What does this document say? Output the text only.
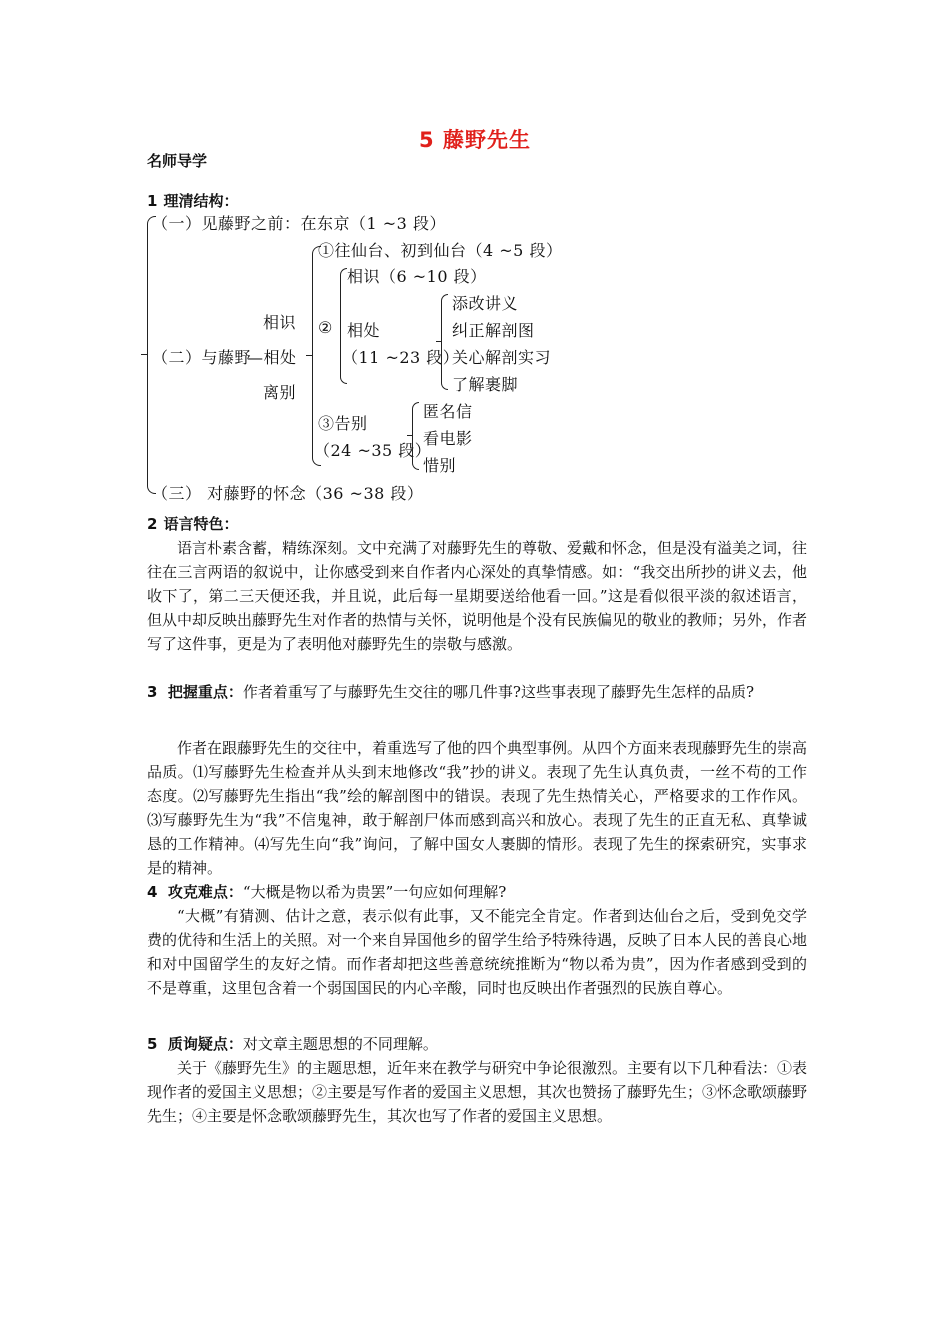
5 藤野先生
名师导学
1 理清结构：
（一）见藤野之前：在东京（1 ~3 段）
（二）与藤野
相识
—相处
离别
①往仙台、初到仙台（4 ~5 段）
②
相识（6 ~10 段）
相处
（11 ~23 段）
添改讲义
纠正解剖图
关心解剖实习
了解裹脚
③告别
（24 ~35 段）
匿名信
看电影
惜别
（三） 对藤野的怀念（36 ~38 段）
2 语言特色：
语言朴素含蓄，精练深刻。文中充满了对藤野先生的尊敬、爱戴和怀念，但是没有溢美之词，往往在三言两语的叙说中，让你感受到来自作者内心深处的真挚情感。如：“我交出所抄的讲义去，他收下了，第二三天便还我，并且说，此后每一星期要送给他看一回。”这是看似很平淡的叙述语言，但从中却反映出藤野先生对作者的热情与关怀，说明他是个没有民族偏见的敬业的教师；另外，作者写了这件事，更是为了表明他对藤野先生的崇敬与感激。
3 把握重点：作者着重写了与藤野先生交往的哪几件事?这些事表现了藤野先生怎样的品质?
作者在跟藤野先生的交往中，着重选写了他的四个典型事例。从四个方面来表现藤野先生的崇高品质。⑴写藤野先生检查并从头到末地修改“我”抄的讲义。表现了先生认真负责，一丝不苟的工作态度。⑵写藤野先生指出“我”绘的解剖图中的错误。表现了先生热情关心，严格要求的工作作风。⑶写藤野先生为“我”不信鬼神，敢于解剖尸体而感到高兴和放心。表现了先生的正直无私、真挚诚恳的工作精神。⑷写先生向“我”询问，了解中国女人裹脚的情形。表现了先生的探索研究，实事求是的精神。
4 攻克难点：“大概是物以希为贵罢”一句应如何理解?
“大概”有猜测、估计之意，表示似有此事，又不能完全肯定。作者到达仙台之后，受到免交学费的优待和生活上的关照。对一个来自异国他乡的留学生给予特殊待遇，反映了日本人民的善良心地和对中国留学生的友好之情。而作者却把这些善意统统推断为“物以希为贵”，因为作者感到受到的不是尊重，这里包含着一个弱国国民的内心辛酸，同时也反映出作者强烈的民族自尊心。
5 质询疑点：对文章主题思想的不同理解。
关于《藤野先生》的主题思想，近年来在教学与研究中争论很激烈。主要有以下几种看法：①表现作者的爱国主义思想；②主要是写作者的爱国主义思想，其次也赞扬了藤野先生；③怀念歌颂藤野先生；④主要是怀念歌颂藤野先生，其次也写了作者的爱国主义思想。
